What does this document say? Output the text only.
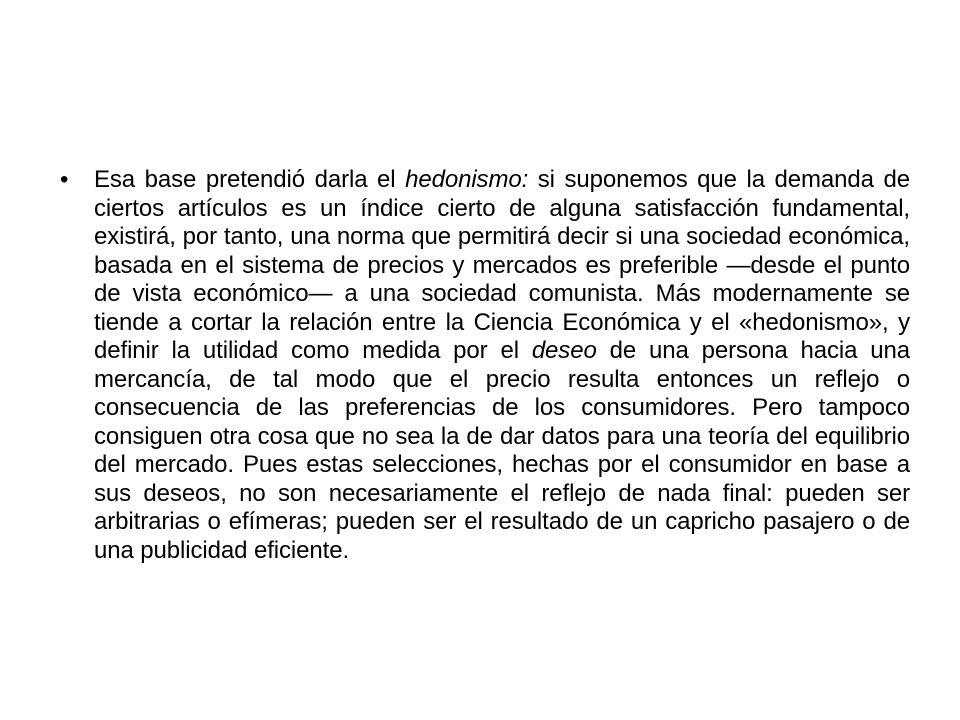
• Esa base pretendió darla el hedonismo: si suponemos que la demanda de ciertos artículos es un índice cierto de alguna satisfacción fundamental, existirá, por tanto, una norma que permitirá decir si una sociedad económica, basada en el sistema de precios y mercados es preferible —desde el punto de vista económico— a una sociedad comunista. Más modernamente se tiende a cortar la relación entre la Ciencia Económica y el «hedonismo», y definir la utilidad como medida por el deseo de una persona hacia una mercancía, de tal modo que el precio resulta entonces un reflejo o consecuencia de las preferencias de los consumidores. Pero tampoco consiguen otra cosa que no sea la de dar datos para una teoría del equilibrio del mercado. Pues estas selecciones, hechas por el consumidor en base a sus deseos, no son necesariamente el reflejo de nada final: pueden ser arbitrarias o efímeras; pueden ser el resultado de un capricho pasajero o de una publicidad eficiente.
